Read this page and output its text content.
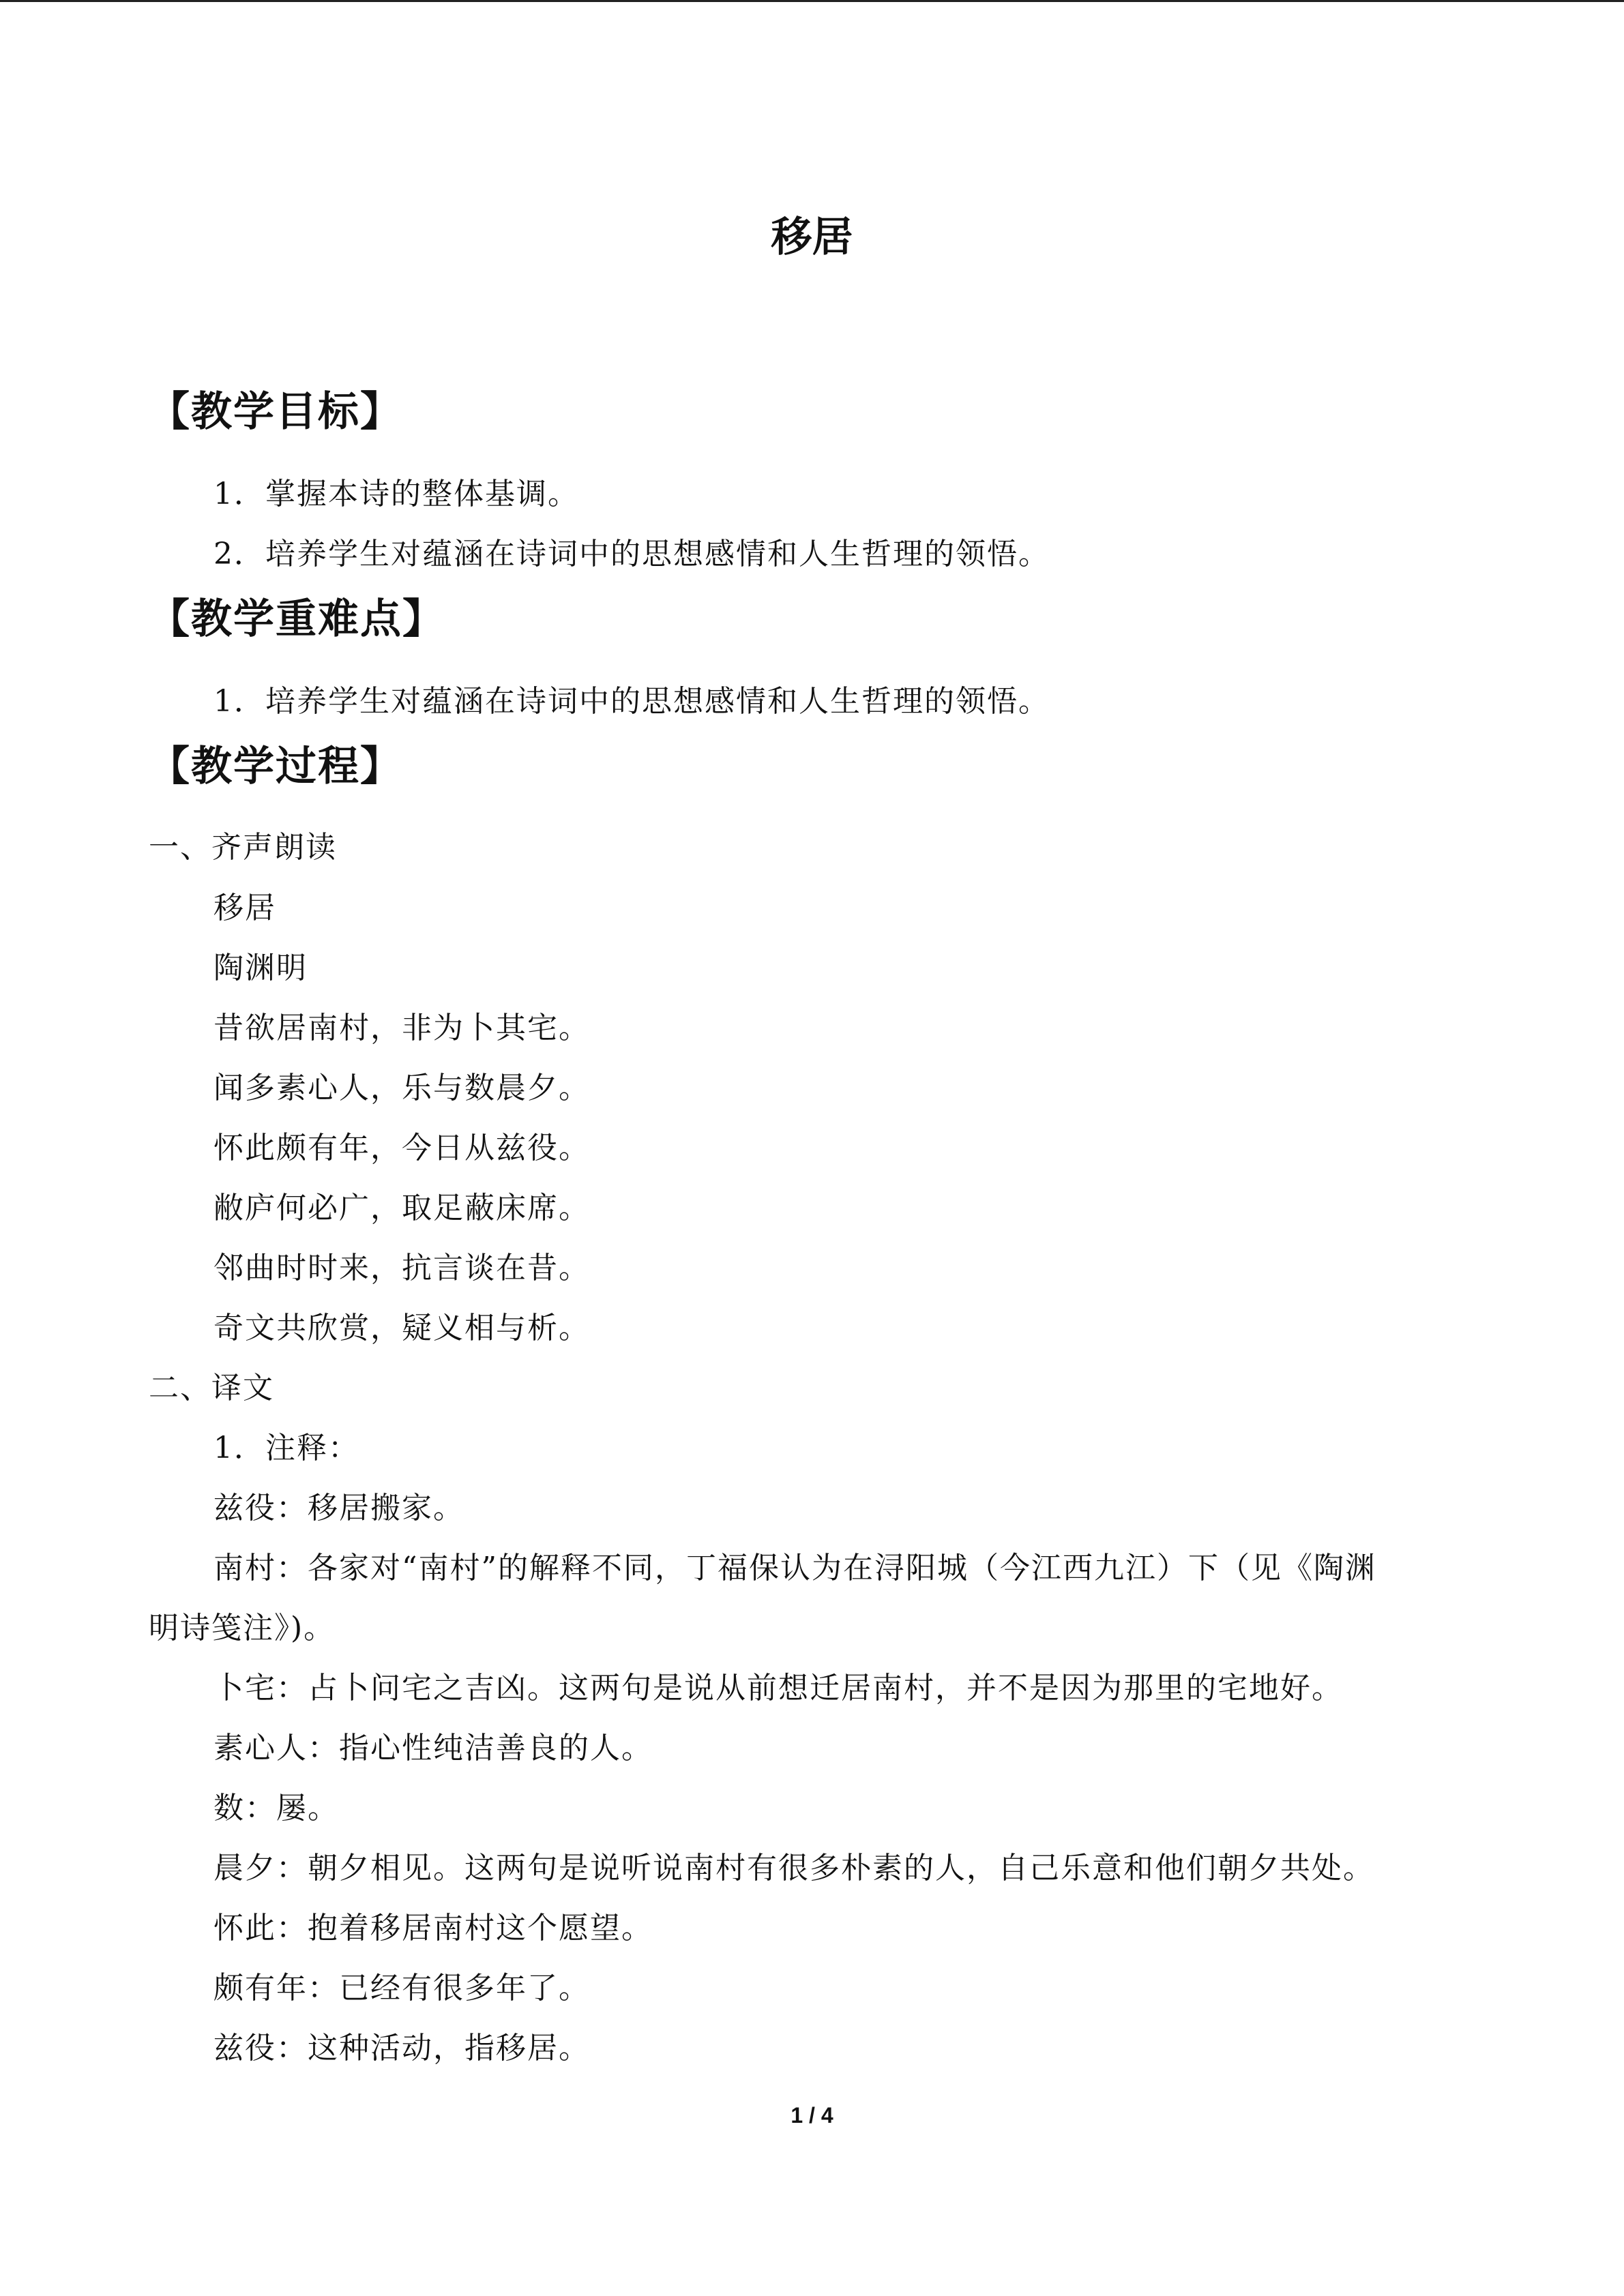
移居
【教学目标】
1．掌握本诗的整体基调。
2．培养学生对蕴涵在诗词中的思想感情和人生哲理的领悟。
【教学重难点】
1．培养学生对蕴涵在诗词中的思想感情和人生哲理的领悟。
【教学过程】
一、齐声朗读
移居
陶渊明
昔欲居南村，非为卜其宅。
闻多素心人，乐与数晨夕。
怀此颇有年，今日从兹役。
敝庐何必广，取足蔽床席。
邻曲时时来，抗言谈在昔。
奇文共欣赏，疑义相与析。
二、译文
1．注释：
兹役：移居搬家。
南村：各家对“南村”的解释不同，丁福保认为在浔阳城（今江西九江）下（见《陶渊
明诗笺注》)。
卜宅：占卜问宅之吉凶。这两句是说从前想迁居南村，并不是因为那里的宅地好。
素心人：指心性纯洁善良的人。
数：屡。
晨夕：朝夕相见。这两句是说听说南村有很多朴素的人，自己乐意和他们朝夕共处。
怀此：抱着移居南村这个愿望。
颇有年：已经有很多年了。
兹役：这种活动，指移居。
1 / 4
